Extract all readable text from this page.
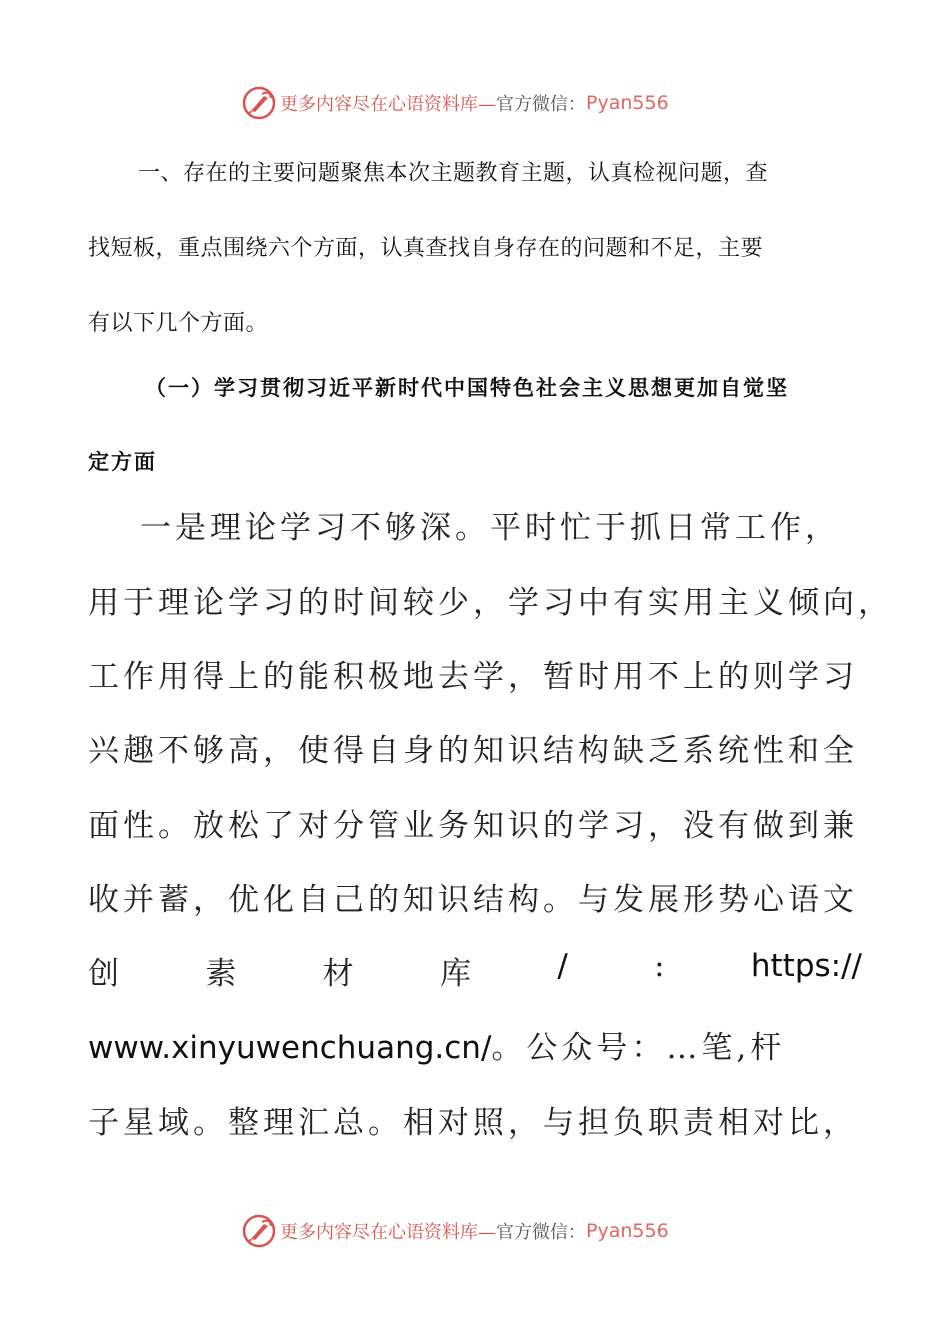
更多内容尽在心语资料库— 官方微信： Pyan556

一、存在的主要问题聚焦本次主题教育主题，认真检视问题，查

找短板，重点围绕六个方面，认真查找自身存在的问题和不足，主要

有以下几个方面。

（一）学习贯彻习近平新时代中国特色社会主义思想更加自觉坚

定方面

一是理论学习不够深。平时忙于抓日常工作，

用于理论学习的时间较少，学习中有实用主义倾向，

工作用得上的能积极地去学，暂时用不上的则学习

兴趣不够高，使得自身的知识结构缺乏系统性和全

面性。放松了对分管业务知识的学习，没有做到兼

收并蓄，优化自己的知识结构。与发展形势心语文

创	素	材	库	/	:	https://

www.xinyuwenchuang.cn/。公众号：…笔,杆

子星域。整理汇总。相对照，与担负职责相对比，

更多内容尽在心语资料库— 官方微信： Pyan556
